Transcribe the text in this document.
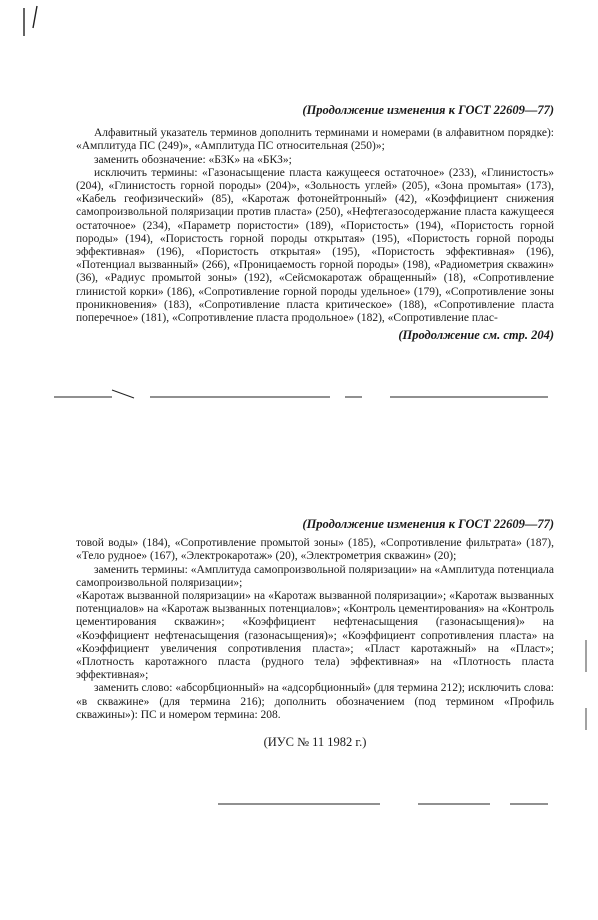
(Продолжение изменения к ГОСТ 22609—77)

Алфавитный указатель терминов дополнить терминами и номерами (в алфавитном порядке): «Амплитуда ПС (249)», «Амплитуда ПС относительная (250)»;

заменить обозначение: «БЗК» на «БКЗ»;

исключить термины: «Газонасыщение пласта кажущееся остаточное» (233), «Глинистость» (204), «Глинистость горной породы» (204)», «Зольность углей» (205), «Зона промытая» (173), «Кабель геофизический» (85), «Каротаж фотонейтронный» (42), «Коэффициент снижения самопроизвольной поляризации против пласта» (250), «Нефтегазосодержание пласта кажущееся остаточное» (234), «Параметр пористости» (189), «Пористость» (194), «Пористость горной породы» (194), «Пористость горной породы открытая» (195), «Пористость горной породы эффективная» (196), «Пористость открытая» (195), «Пористость эффективная» (196), «Потенциал вызванный» (266), «Проницаемость горной породы» (198), «Радиометрия скважин» (36), «Радиус промытой зоны» (192), «Сейсмокаротаж обращенный» (18), «Сопротивление глинистой корки» (186), «Сопротивление горной породы удельное» (179), «Сопротивление зоны проникновения» (183), «Сопротивление пласта критическое» (188), «Сопротивление пласта поперечное» (181), «Сопротивление пласта продольное» (182), «Сопротивление плас-

(Продолжение см. стр. 204)

(Продолжение изменения к ГОСТ 22609—77)

товой воды» (184), «Сопротивление промытой зоны» (185), «Сопротивление фильтрата» (187), «Тело рудное» (167), «Электрокаротаж» (20), «Электрометрия скважин» (20);

заменить термины: «Амплитуда самопроизвольной поляризации» на «Амплитуда потенциала самопроизвольной поляризации»;

«Каротаж вызванной поляризации» на «Каротаж вызванной поляризации»; «Каротаж вызванных потенциалов» на «Каротаж вызванных потенциалов»; «Контроль цементирования» на «Контроль цементирования скважин»; «Коэффициент нефтенасыщения (газонасыщения)» на «Коэффициент нефтенасыщения (газонасыщения)»; «Коэффициент сопротивления пласта» на «Коэффициент увеличения сопротивления пласта»; «Пласт каротажный» на «Пласт»; «Плотность каротажного пласта (рудного тела) эффективная» на «Плотность пласта эффективная»;

заменить слово: «абсорбционный» на «адсорбционный» (для термина 212); исключить слова: «в скважине» (для термина 216); дополнить обозначением (под термином «Профиль скважины»): ПС и номером термина: 208.

(ИУС № 11 1982 г.)
